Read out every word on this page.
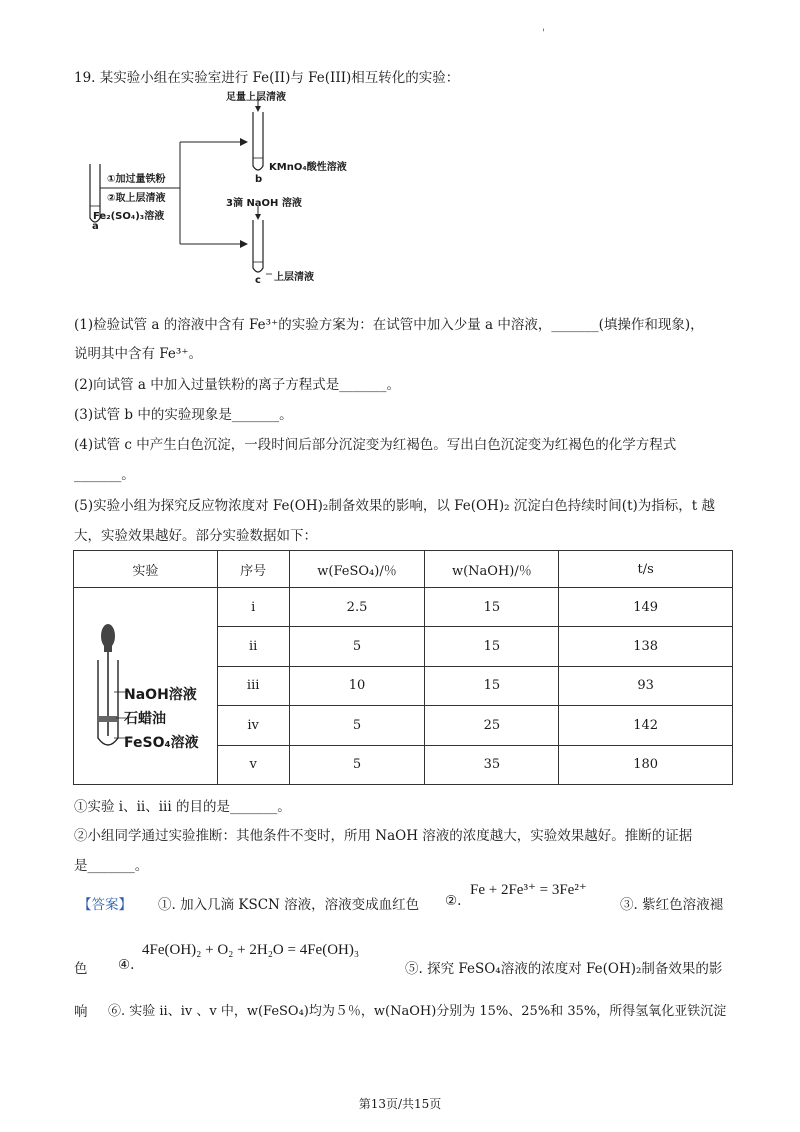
'
19. 某实验小组在实验室进行 Fe(II)与 Fe(III)相互转化的实验：
足量上层清液
①加过量铁粉
②取上层清液
Fe₂(SO₄)₃溶液
a
KMnO₄酸性溶液
b
3滴 NaOH 溶液
上层清液
c
(1)检验试管 a 的溶液中含有 Fe³⁺的实验方案为：在试管中加入少量 a 中溶液，_______(填操作和现象)，
说明其中含有 Fe³⁺。
(2)向试管 a 中加入过量铁粉的离子方程式是_______。
(3)试管 b 中的实验现象是_______。
(4)试管 c 中产生白色沉淀，一段时间后部分沉淀变为红褐色。写出白色沉淀变为红褐色的化学方程式
_______。
(5)实验小组为探究反应物浓度对 Fe(OH)₂制备效果的影响，以 Fe(OH)₂ 沉淀白色持续时间(t)为指标，t 越
大，实验效果越好。部分实验数据如下：
实验	序号	w(FeSO₄)/％	w(NaOH)/％	t/s

NaOH溶液
石蜡油
FeSO₄溶液	i	2.5	15	149
	ii	5	15	138
	iii	10	15	93
	iv	5	25	142
	v	5	35	180
①实验 i、ii、iii 的目的是_______。
②小组同学通过实验推断：其他条件不变时，所用 NaOH 溶液的浓度越大，实验效果越好。推断的证据
是_______。
【答案】 ①. 加入几滴 KSCN 溶液，溶液变成血红色 ②.
Fe + 2Fe³⁺ = 3Fe²⁺
③. 紫红色溶液褪
色 ④.
4Fe(OH)₂ + O₂ + 2H₂O = 4Fe(OH)₃
⑤. 探究 FeSO₄溶液的浓度对 Fe(OH)₂制备效果的影
响 ⑥. 实验 ii、iv 、v 中，w(FeSO₄)均为５％，w(NaOH)分别为 15%、25%和 35%，所得氢氧化亚铁沉淀
第13页/共15页
